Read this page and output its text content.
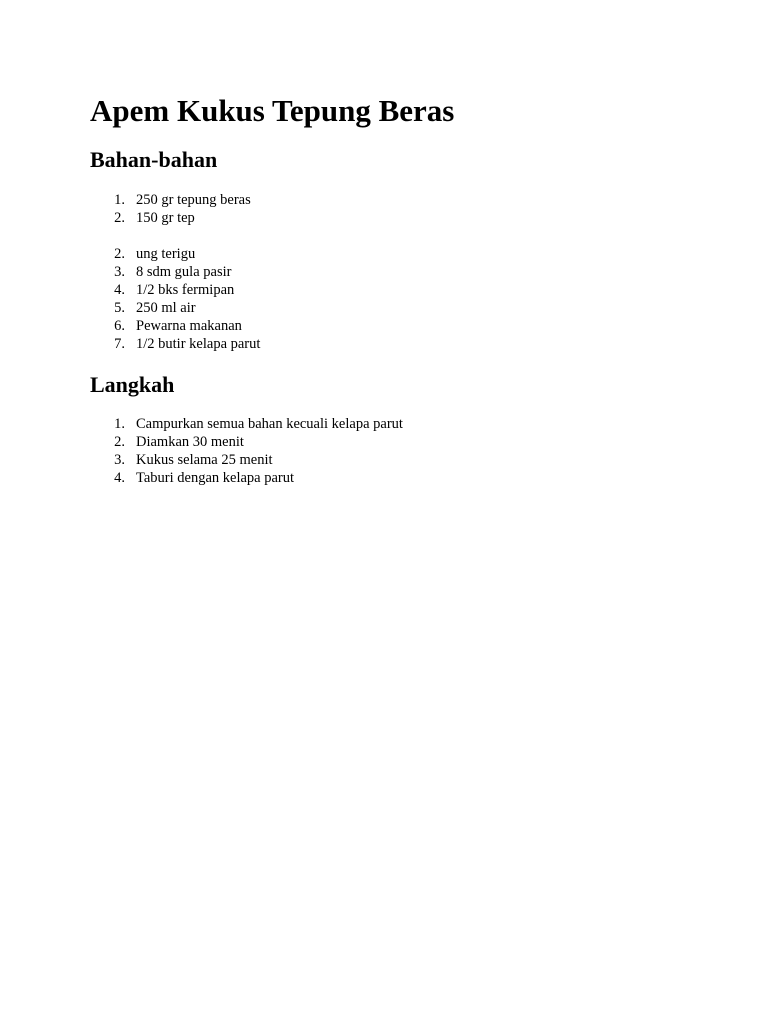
Apem Kukus Tepung Beras
Bahan-bahan
1. 250 gr tepung beras
2. 150 gr tep
2. ung terigu
3. 8 sdm gula pasir
4. 1/2 bks fermipan
5. 250 ml air
6. Pewarna makanan
7. 1/2 butir kelapa parut
Langkah
1. Campurkan semua bahan kecuali kelapa parut
2. Diamkan 30 menit
3. Kukus selama 25 menit
4. Taburi dengan kelapa parut
